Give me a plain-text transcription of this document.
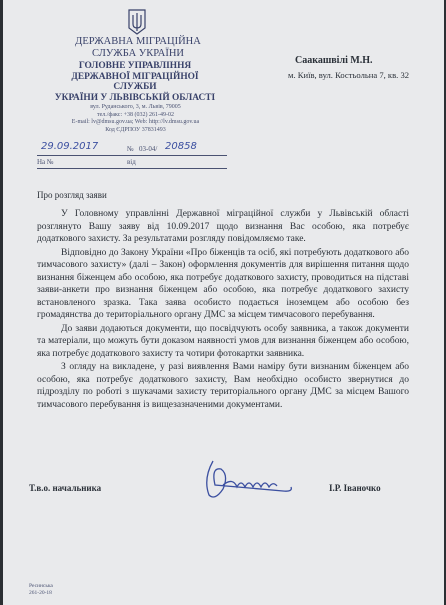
ДЕРЖАВНА МІГРАЦІЙНА
СЛУЖБА УКРАЇНИ
ГОЛОВНЕ УПРАВЛІННЯ
ДЕРЖАВНОЇ МІГРАЦІЙНОЇ СЛУЖБИ
УКРАЇНИ У ЛЬВІВСЬКІЙ ОБЛАСТІ
вул. Руданського, 3, м. Львів, 79005
тел./факс: +38 (032) 261-49-02
E-mail: lv@dmsu.gov.ua; Web: http://lv.dmsu.gov.ua
Код ЄДРПОУ 37831493
Саакашвілі М.Н.
м. Київ, вул. Костьольна 7, кв. 32
29.09.2017	№ 03-04/ 20858
На №	від
Про розгляд заяви

У Головному управлінні Державної міграційної служби у Львівській області розглянуто Вашу заяву від 10.09.2017 щодо визнання Вас особою, яка потребує додаткового захисту. За результатами розгляду повідомляємо таке.

Відповідно до Закону України «Про біженців та осіб, які потребують додаткового або тимчасового захисту» (далі – Закон) оформлення документів для вирішення питання щодо визнання біженцем або особою, яка потребує додаткового захисту, проводиться на підставі заяви-анкети про визнання біженцем або особою, яка потребує додаткового захисту встановленого зразка. Така заява особисто подається іноземцем або особою без громадянства до територіального органу ДМС за місцем тимчасового перебування.

До заяви додаються документи, що посвідчують особу заявника, а також документи та матеріали, що можуть бути доказом наявності умов для визнання біженцем або особою, яка потребує додаткового захисту та чотири фотокартки заявника.

З огляду на викладене, у разі виявлення Вами наміру бути визнаним біженцем або особою, яка потребує додаткового захисту, Вам необхідно особисто звернутися до підрозділу по роботі з шукачами захисту територіального органу ДМС за місцем Вашого тимчасового перебування із вищезазначеними документами.

Т.в.о. начальника	І.Р. Іваночко
Ресинська
261-20-18
